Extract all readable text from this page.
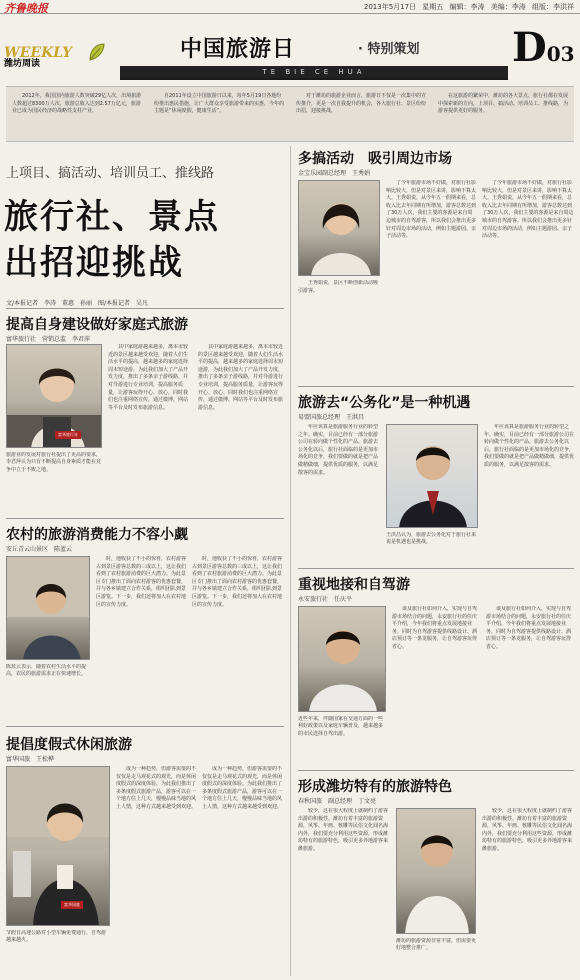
齐鲁晚报	2013年5月17日 星期五 编辑：李涛 美编：李涛 组版：李洪祥
WEEKLY
潍坊周读
中国旅游日	· 特别策划
TE BIE CE HUA
D03
2012年，我国国内旅游人数突破29亿人次，出境旅游人数超过8300万人次，旅游总收入达到2.57万亿元，旅游业已成为国民经济的战略性支柱产业。
自2011年设立中国旅游日以来，每年5月19日各地纷纷推出惠民措施，让广大群众享受旅游带来的实惠，今年的主题是“休闲度假，健康生活”。
对于潍坊的旅游企业而言，旅游日不仅是一次集中的宣传推介，更是一次自我提升的机会，各大旅行社、景区纷纷出招，迎接挑战。
在这旅游的繁荣中，潍坊的各大景点、旅行社都在发展中探索新的方向，上项目、搞活动、培训员工、推线路，为游客提供更好的服务。
上项目、搞活动、培训员工、推线路
旅行社、景点
出招迎挑战
文/本报记者　李涛　董惠　孙丽　图/本报记者　吴凡
提高自身建设做好家庭式旅游
富华旅行社　 营销总监　李君萍
富华旅行社
旅游业的发展对旅行社提出了更高的要求，李君萍认为只有不断提高自身素质才能在竞争中立于不败之地。
其中家庭游越来越多，离本市较近的景区越来越受欢迎，随着人们生活水平的提高，越来越多的家庭选择周末短途游，为此我们加大了产品开发力度，推出了多条亲子游线路，并对导游进行专业培训，提高服务质量，让游客玩得开心、放心。同时我们也注重网络宣传，通过微博、网站等平台及时发布旅游信息。
其中家庭游越来越多，离本市较近的景区越来越受欢迎，随着人们生活水平的提高，越来越多的家庭选择周末短途游，为此我们加大了产品开发力度，推出了多条亲子游线路，并对导游进行专业培训，提高服务质量，让游客玩得开心、放心。同时我们也注重网络宣传，通过微博、网站等平台及时发布旅游信息。
农村的旅游消费能力不容小觑
安丘青云山景区　 陈蓝云
陈蓝云表示，随着农村生活水平的提高，农民的旅游需求正在快速增长。
时，他收获了不小的惊喜，农村游客占到景区游客总数的三成以上，这让我们看到了农村旅游消费的巨大潜力。为此景区专门推出了面向农村游客的优惠套餐，并与各乡镇建立合作关系，组织团队到景区游览。下一步，我们还将加大在农村地区的宣传力度。
时，他收获了不小的惊喜，农村游客占到景区游客总数的三成以上，这让我们看到了农村旅游消费的巨大潜力。为此景区专门推出了面向农村游客的优惠套餐，并与各乡镇建立合作关系，组织团队到景区游览。下一步，我们还将加大在农村地区的宣传力度。
提倡度假式休闲旅游
富华国旅　 王松桦
富华国旅
节假日高速公路对小型车辆免费通行，自驾游越来越火。
成为一种趋势，但游客需要的不仅仅是走马观花式的观光，而是休闲度假式的深度体验。为此我们推出了多条度假式旅游产品，游客可以在一个地方住上几天，慢慢品味当地的风土人情，这种方式越来越受到欢迎。
成为一种趋势，但游客需要的不仅仅是走马观花式的观光，而是休闲度假式的深度体验。为此我们推出了多条度假式旅游产品，游客可以在一个地方住上几天，慢慢品味当地的风土人情，这种方式越来越受到欢迎。
多搞活动　吸引周边市场
金宝乐园副总经理　 王秀娟
王秀娟说，景区不断创新活动吸引游客。
了今年旅游市场不好做，对旅行社影响比较大，但是对景区来讲，影响不算太大。王秀娟说，从今年五一假期来看，总收入比去年同期有所增加，游客总数达到了30万人次，我们主要的客源是来自周边城市的自驾游客，所以我们会推出更多针对周边市场的活动，例如主题游园、亲子活动等。
了今年旅游市场不好做，对旅行社影响比较大，但是对景区来讲，影响不算太大。王秀娟说，从今年五一假期来看，总收入比去年同期有所增加，游客总数达到了30万人次，我们主要的客源是来自周边城市的自驾游客，所以我们会推出更多针对周边市场的活动，例如主题游园、亲子活动等。
旅游去“公务化”是一种机遇
易盟国旅总经理　 王洪昌
年应该算是旅游服务行业的转型之年。确实，目前已经有一部分旅游公司在转向做个性化的产品。旅游去公务化以后，旅行社面临的是更加市场化的竞争，我们要做的就是把产品做精做细，提供优质的服务，以满足散客的需求。
王洪昌认为，旅游去公务化对于旅行社来说是机遇也是挑战。
年应该算是旅游服务行业的转型之年。确实，目前已经有一部分旅游公司在转向做个性化的产品。旅游去公务化以后，旅行社面临的是更加市场化的竞争，我们要做的就是把产品做精做细，提供优质的服务，以满足散客的需求。
重视地接和自驾游
永安旅行社　 任庆平
近些年来，伴随国家在交通方面的一些利好政策以及家庭车辆普及，越来越多的市民选择自驾出游。
谈及旅行社如何介入，实现与自驾游市场结合的问题，永安旅行社的任庆平介绍，今年我们将重点发展地接业务，同时为自驾游客提供线路设计、酒店预订等一条龙服务，让自驾游客玩得省心。
谈及旅行社如何介入，实现与自驾游市场结合的问题，永安旅行社的任庆平介绍，今年我们将重点发展地接业务，同时为自驾游客提供线路设计、酒店预订等一条龙服务，让自驾游客玩得省心。
形成潍坊特有的旅游特色
春秋国旅　 副总经理　丁文亮
较少，这在很大程度上就制约了游客出游的积极性。潍坊有着丰富的旅游资源，风筝、年画、核雕等民俗文化闻名海内外，我们要充分利用这些资源，形成潍坊特有的旅游特色，吸引更多外地游客来潍旅游。
潍坊的旅游资源非常丰富，但需要更好地整合推广。
较少，这在很大程度上就制约了游客出游的积极性。潍坊有着丰富的旅游资源，风筝、年画、核雕等民俗文化闻名海内外，我们要充分利用这些资源，形成潍坊特有的旅游特色，吸引更多外地游客来潍旅游。
